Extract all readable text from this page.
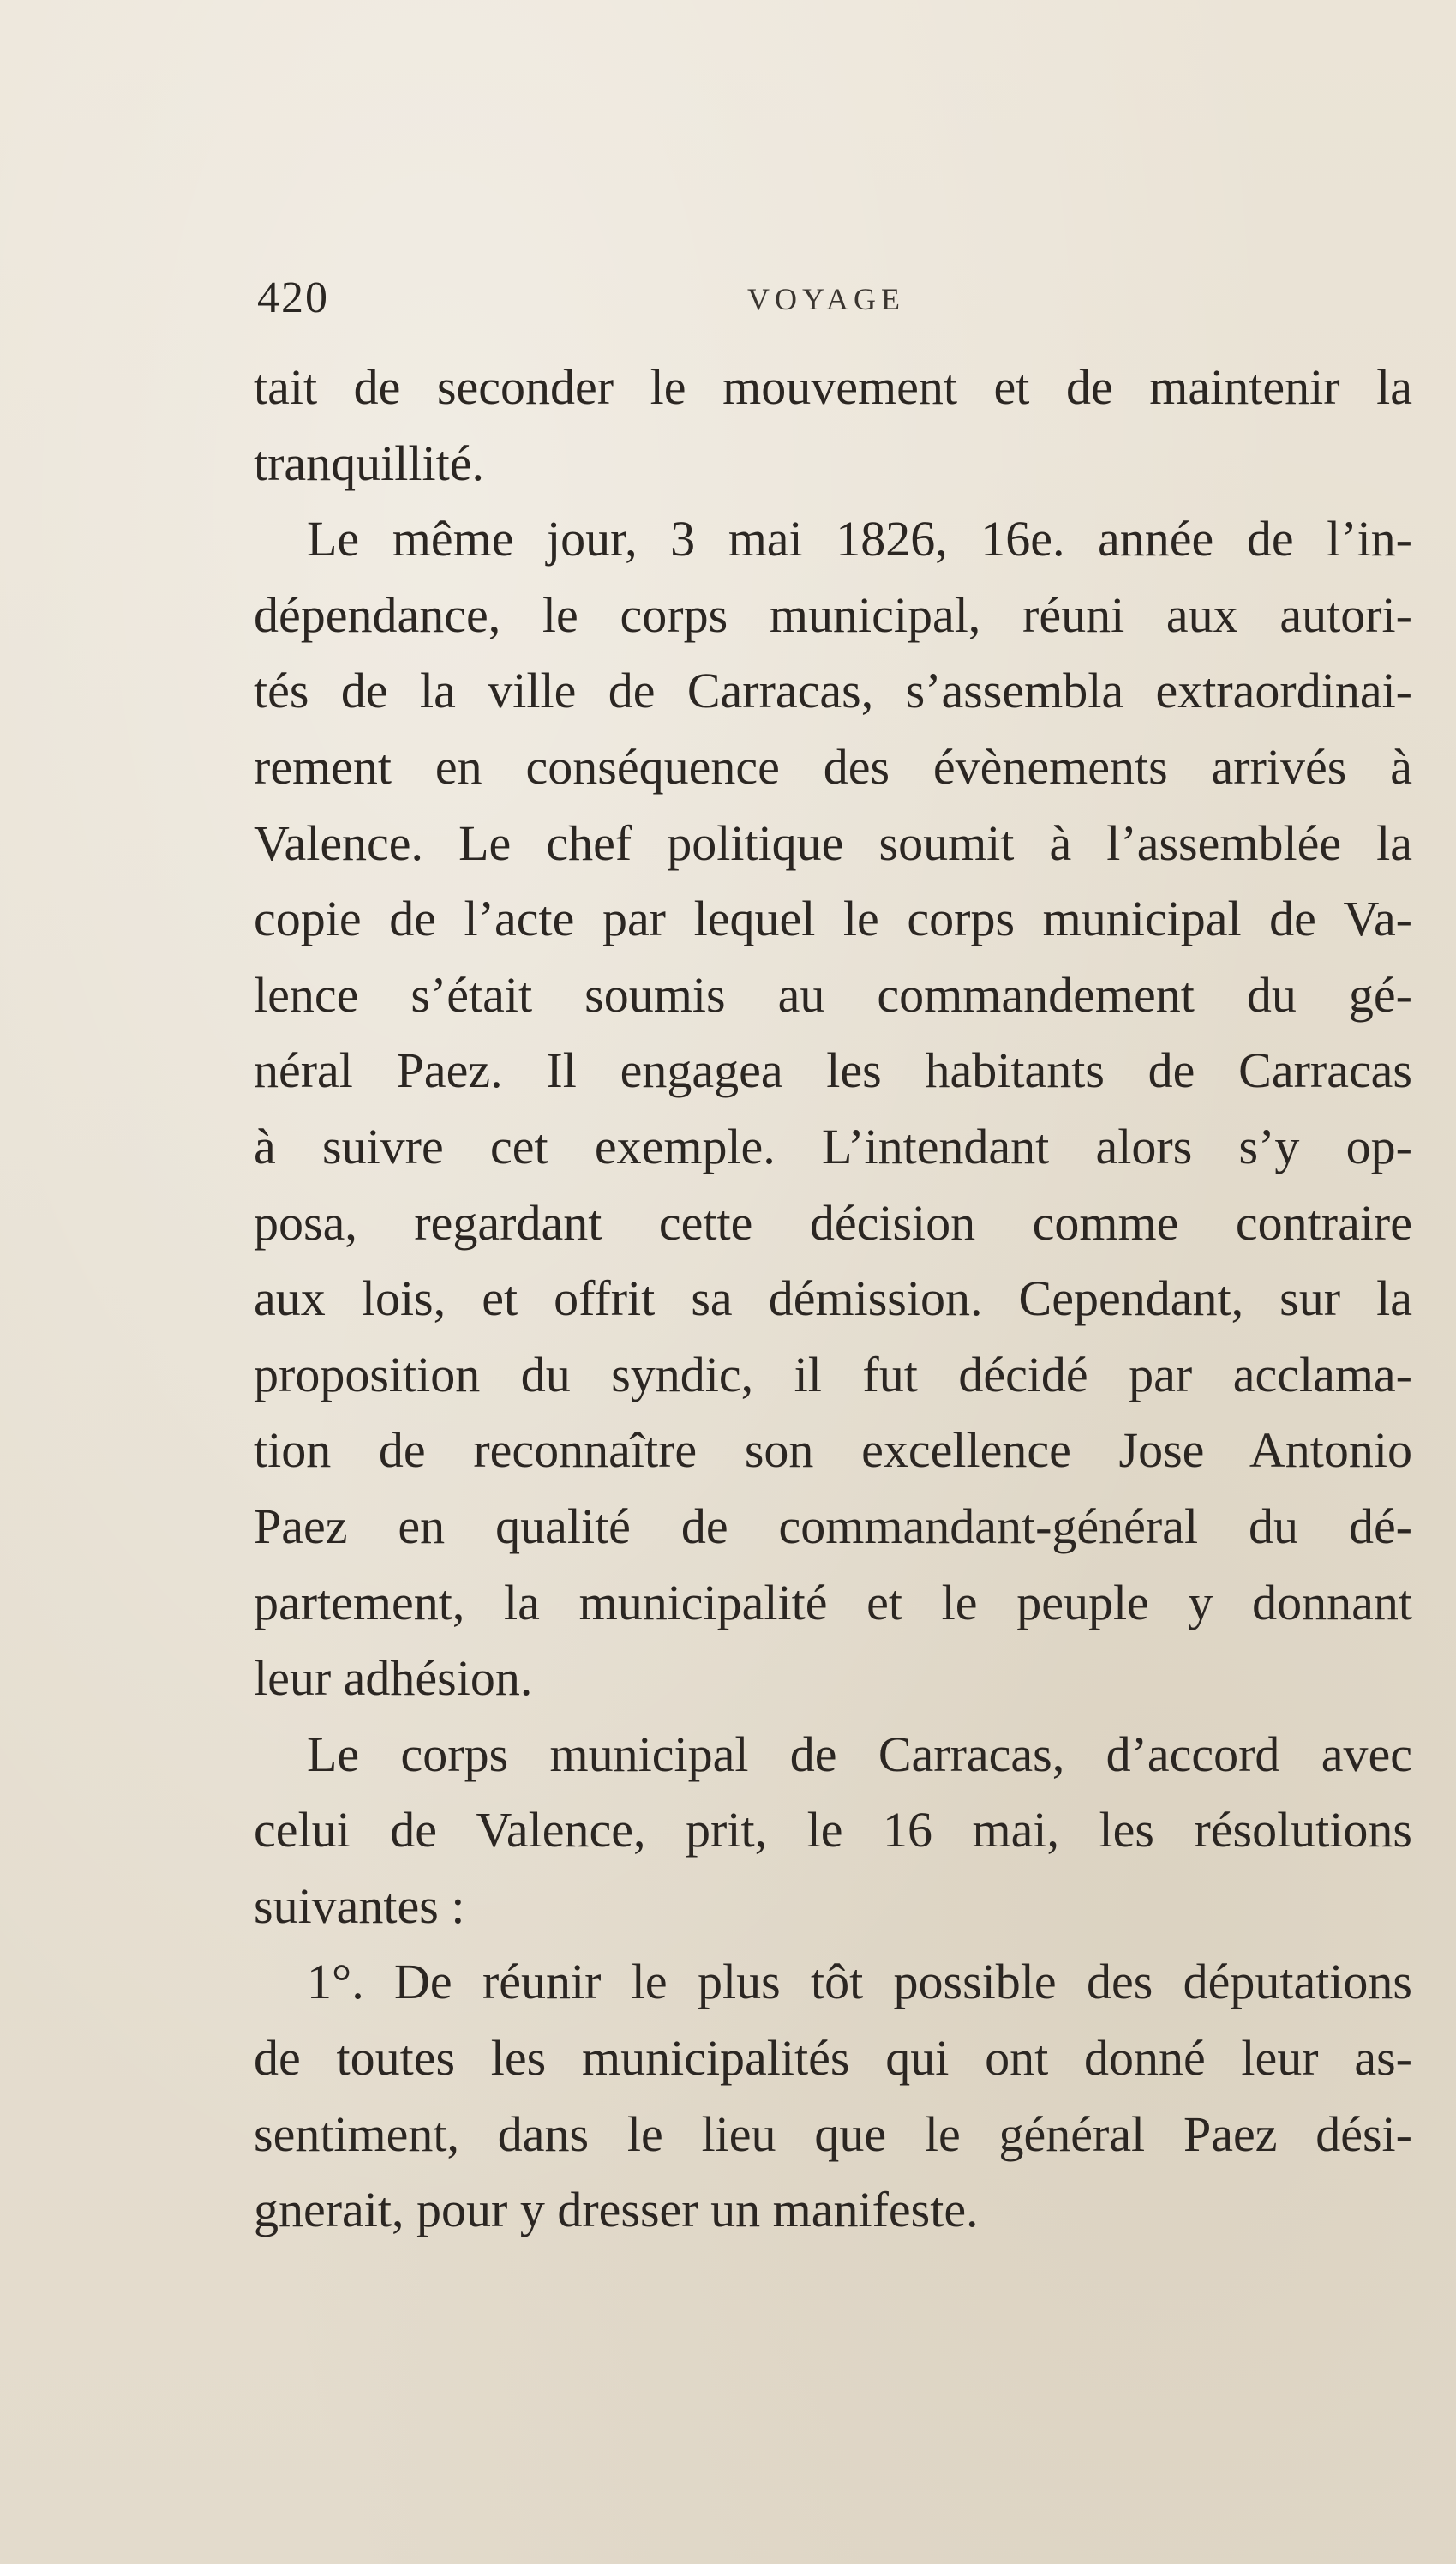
420	VOYAGE
tait de seconder le mouvement et de maintenir la
tranquillité.
Le même jour, 3 mai 1826, 16e. année de l’in-
dépendance, le corps municipal, réuni aux autori-
tés de la ville de Carracas, s’assembla extraordinai-
rement en conséquence des évènements arrivés à
Valence. Le chef politique soumit à l’assemblée la
copie de l’acte par lequel le corps municipal de Va-
lence s’était soumis au commandement du gé-
néral Paez. Il engagea les habitants de Carracas
à suivre cet exemple. L’intendant alors s’y op-
posa, regardant cette décision comme contraire
aux lois, et offrit sa démission. Cependant, sur la
proposition du syndic, il fut décidé par acclama-
tion de reconnaître son excellence Jose Antonio
Paez en qualité de commandant-général du dé-
partement, la municipalité et le peuple y donnant
leur adhésion.
Le corps municipal de Carracas, d’accord avec
celui de Valence, prit, le 16 mai, les résolutions
suivantes :
1°. De réunir le plus tôt possible des députations
de toutes les municipalités qui ont donné leur as-
sentiment, dans le lieu que le général Paez dési-
gnerait, pour y dresser un manifeste.
